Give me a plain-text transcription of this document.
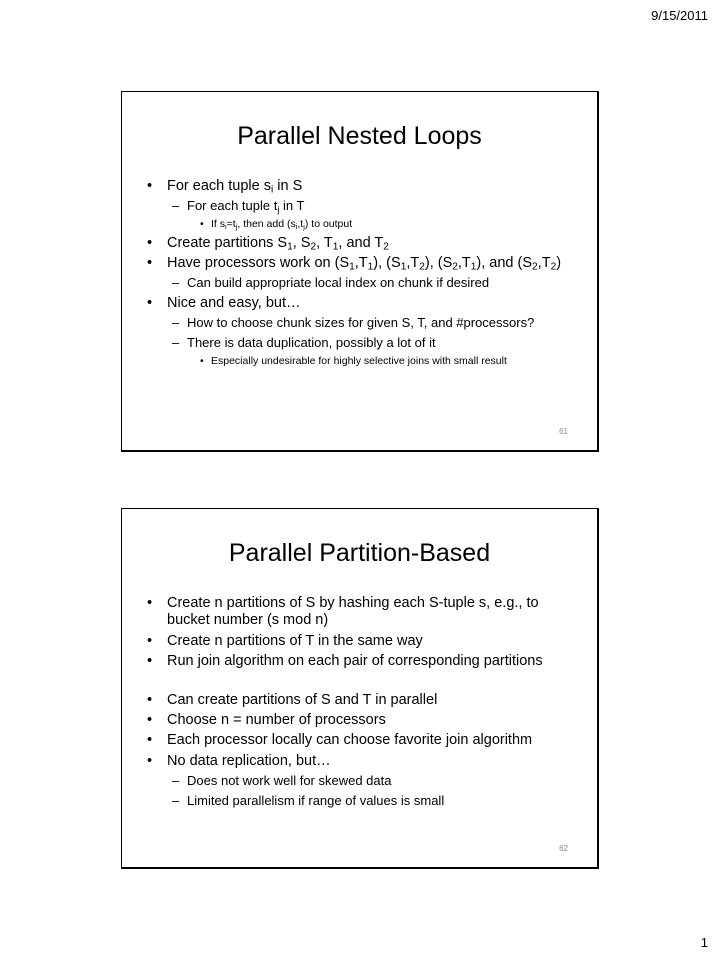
9/15/2011
Parallel Nested Loops
• For each tuple $s_i$ in S
– For each tuple $t_j$ in T
• If $s_i=t_j$, then add $(s_i,t_j)$ to output
• Create partitions $S_1$, $S_2$, $T_1$, and $T_2$
• Have processors work on $(S_1,T_1)$, $(S_1,T_2)$, $(S_2,T_1)$, and $(S_2,T_2)$
– Can build appropriate local index on chunk if desired
• Nice and easy, but…
– How to choose chunk sizes for given S, T, and #processors?
– There is data duplication, possibly a lot of it
• Especially undesirable for highly selective joins with small result
61
Parallel Partition-Based
• Create n partitions of S by hashing each S-tuple s, e.g., to bucket number (s mod n)
• Create n partitions of T in the same way
• Run join algorithm on each pair of corresponding partitions
• Can create partitions of S and T in parallel
• Choose n = number of processors
• Each processor locally can choose favorite join algorithm
• No data replication, but…
– Does not work well for skewed data
– Limited parallelism if range of values is small
62
1
